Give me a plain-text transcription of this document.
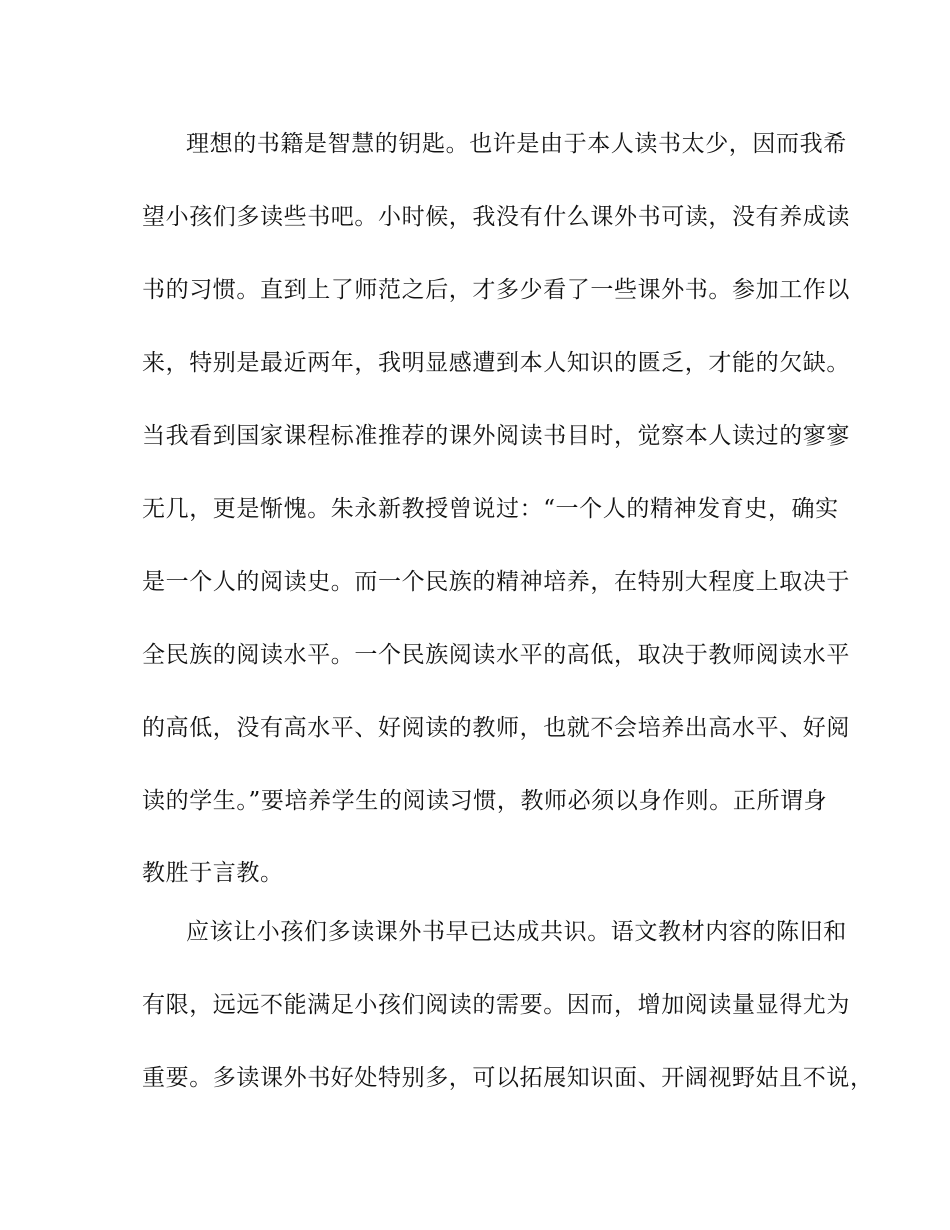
理想的书籍是智慧的钥匙。也许是由于本人读书太少，因而我希
望小孩们多读些书吧。小时候，我没有什么课外书可读，没有养成读
书的习惯。直到上了师范之后，才多少看了一些课外书。参加工作以
来，特别是最近两年，我明显感遭到本人知识的匮乏，才能的欠缺。
当我看到国家课程标准推荐的课外阅读书目时，觉察本人读过的寥寥
无几，更是惭愧。朱永新教授曾说过：“一个人的精神发育史，确实
是一个人的阅读史。而一个民族的精神培养，在特别大程度上取决于
全民族的阅读水平。一个民族阅读水平的高低，取决于教师阅读水平
的高低，没有高水平、好阅读的教师，也就不会培养出高水平、好阅
读的学生。”要培养学生的阅读习惯，教师必须以身作则。正所谓身
教胜于言教。
应该让小孩们多读课外书早已达成共识。语文教材内容的陈旧和
有限，远远不能满足小孩们阅读的需要。因而，增加阅读量显得尤为
重要。多读课外书好处特别多，可以拓展知识面、开阔视野姑且不说，
